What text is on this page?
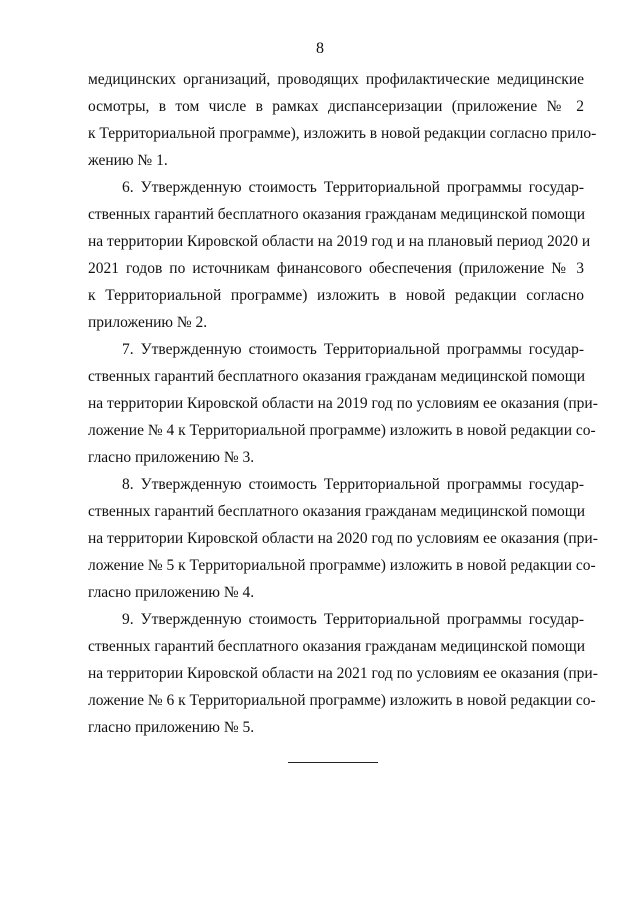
8
медицинских организаций, проводящих профилактические медицинские
осмотры, в том числе в рамках диспансеризации (приложение № 2
к Территориальной программе), изложить в новой редакции согласно прило-
жению № 1.
6. Утвержденную стоимость Территориальной программы государ-
ственных гарантий бесплатного оказания гражданам медицинской помощи
на территории Кировской области на 2019 год и на плановый период 2020 и
2021 годов по источникам финансового обеспечения (приложение № 3
к Территориальной программе) изложить в новой редакции согласно
приложению № 2.
7. Утвержденную стоимость Территориальной программы государ-
ственных гарантий бесплатного оказания гражданам медицинской помощи
на территории Кировской области на 2019 год по условиям ее оказания (при-
ложение № 4 к Территориальной программе) изложить в новой редакции со-
гласно приложению № 3.
8. Утвержденную стоимость Территориальной программы государ-
ственных гарантий бесплатного оказания гражданам медицинской помощи
на территории Кировской области на 2020 год по условиям ее оказания (при-
ложение № 5 к Территориальной программе) изложить в новой редакции со-
гласно приложению № 4.
9. Утвержденную стоимость Территориальной программы государ-
ственных гарантий бесплатного оказания гражданам медицинской помощи
на территории Кировской области на 2021 год по условиям ее оказания (при-
ложение № 6 к Территориальной программе) изложить в новой редакции со-
гласно приложению № 5.
